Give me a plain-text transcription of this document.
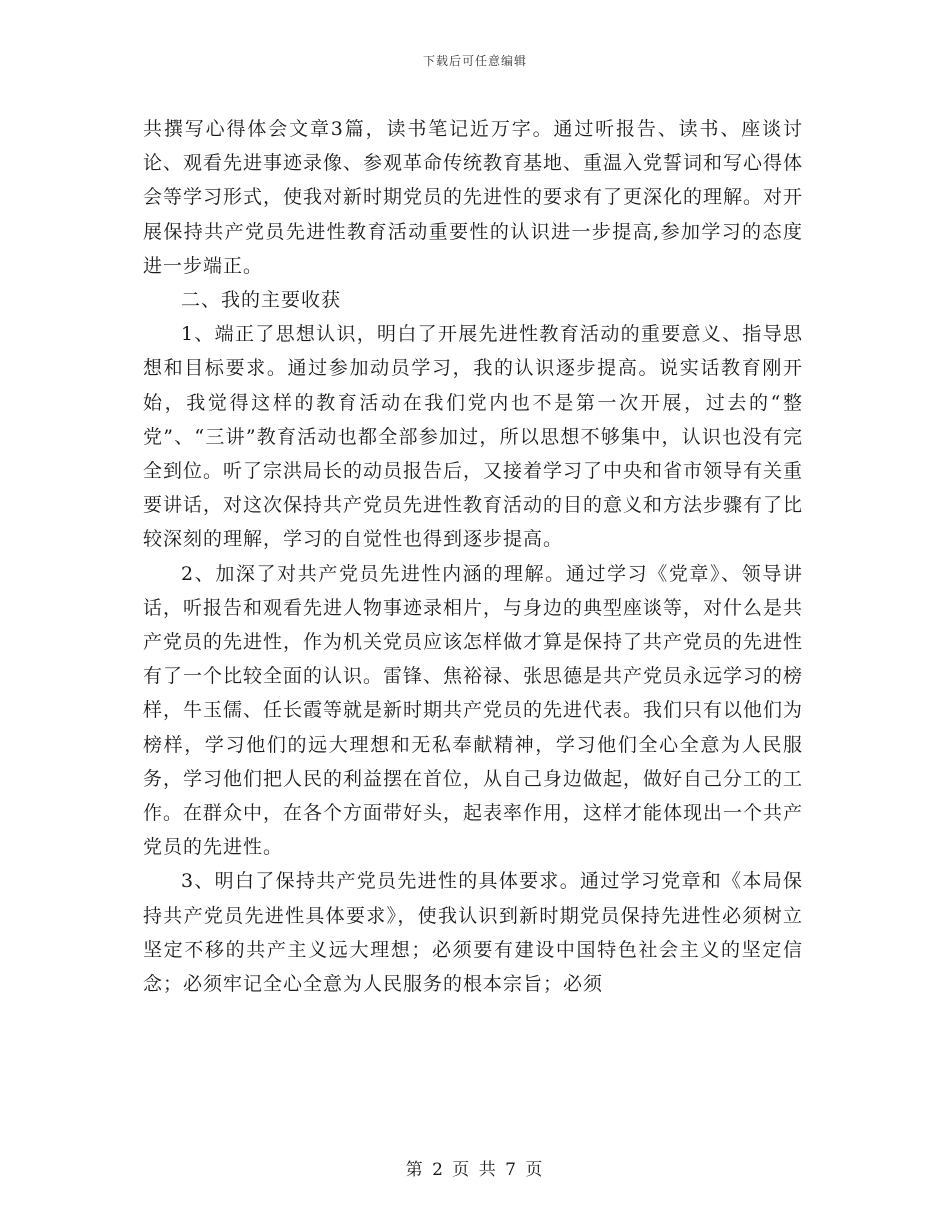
下载后可任意编辑

共撰写心得体会文章3篇，读书笔记近万字。通过听报告、读书、座谈讨论、观看先进事迹录像、参观革命传统教育基地、重温入党誓词和写心得体会等学习形式，使我对新时期党员的先进性的要求有了更深化的理解。对开展保持共产党员先进性教育活动重要性的认识进一步提高,参加学习的态度进一步端正。

二、我的主要收获

1、端正了思想认识，明白了开展先进性教育活动的重要意义、指导思想和目标要求。通过参加动员学习，我的认识逐步提高。说实话教育刚开始，我觉得这样的教育活动在我们党内也不是第一次开展，过去的“整党”、“三讲”教育活动也都全部参加过，所以思想不够集中，认识也没有完全到位。听了宗洪局长的动员报告后，又接着学习了中央和省市领导有关重要讲话，对这次保持共产党员先进性教育活动的目的意义和方法步骤有了比较深刻的理解，学习的自觉性也得到逐步提高。

2、加深了对共产党员先进性内涵的理解。通过学习《党章》、领导讲话，听报告和观看先进人物事迹录相片，与身边的典型座谈等，对什么是共产党员的先进性，作为机关党员应该怎样做才算是保持了共产党员的先进性有了一个比较全面的认识。雷锋、焦裕禄、张思德是共产党员永远学习的榜样，牛玉儒、任长霞等就是新时期共产党员的先进代表。我们只有以他们为榜样，学习他们的远大理想和无私奉献精神，学习他们全心全意为人民服务，学习他们把人民的利益摆在首位，从自己身边做起，做好自己分工的工作。在群众中，在各个方面带好头，起表率作用，这样才能体现出一个共产党员的先进性。

3、明白了保持共产党员先进性的具体要求。通过学习党章和《本局保持共产党员先进性具体要求》，使我认识到新时期党员保持先进性必须树立坚定不移的共产主义远大理想；必须要有建设中国特色社会主义的坚定信念；必须牢记全心全意为人民服务的根本宗旨；必须

第 2 页 共 7 页
